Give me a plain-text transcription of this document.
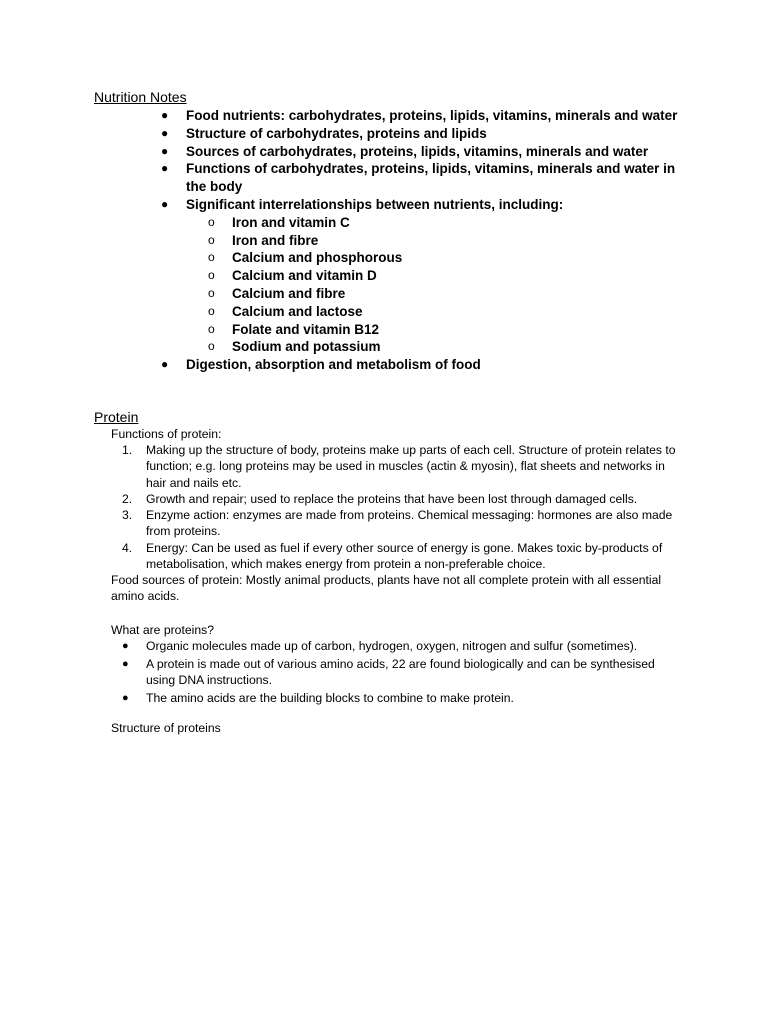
Nutrition Notes
● Food nutrients: carbohydrates, proteins, lipids, vitamins, minerals and water
● Structure of carbohydrates, proteins and lipids
● Sources of carbohydrates, proteins, lipids, vitamins, minerals and water
● Functions of carbohydrates, proteins, lipids, vitamins, minerals and water in the body
● Significant interrelationships between nutrients, including:
o Iron and vitamin C
o Iron and fibre
o Calcium and phosphorous
o Calcium and vitamin D
o Calcium and fibre
o Calcium and lactose
o Folate and vitamin B12
o Sodium and potassium
● Digestion, absorption and metabolism of food
Protein
Functions of protein:
1. Making up the structure of body, proteins make up parts of each cell. Structure of protein relates to function; e.g. long proteins may be used in muscles (actin & myosin), flat sheets and networks in hair and nails etc.
2. Growth and repair; used to replace the proteins that have been lost through damaged cells.
3. Enzyme action: enzymes are made from proteins. Chemical messaging: hormones are also made from proteins.
4. Energy: Can be used as fuel if every other source of energy is gone. Makes toxic by-products of metabolisation, which makes energy from protein a non-preferable choice.
Food sources of protein: Mostly animal products, plants have not all complete protein with all essential amino acids.
What are proteins?
● Organic molecules made up of carbon, hydrogen, oxygen, nitrogen and sulfur (sometimes).
● A protein is made out of various amino acids, 22 are found biologically and can be synthesised using DNA instructions.
● The amino acids are the building blocks to combine to make protein.
Structure of proteins
